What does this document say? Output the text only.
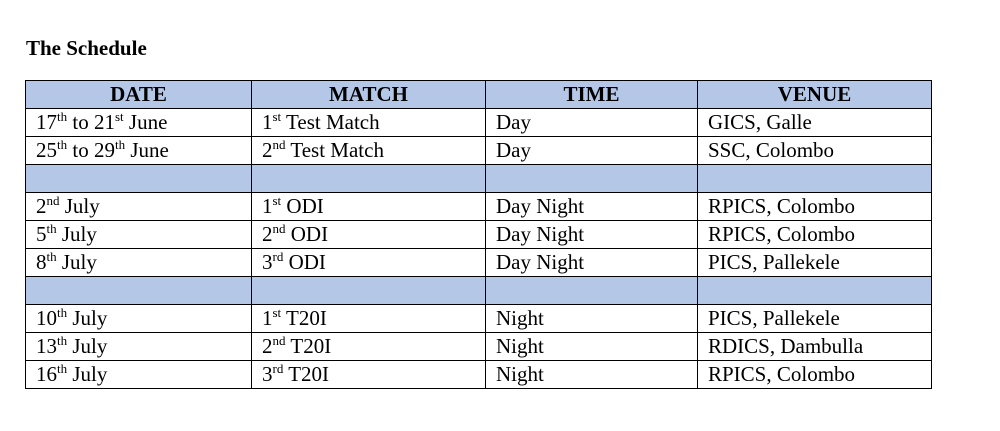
The Schedule
DATE	MATCH	TIME	VENUE
17th to 21st June	1st Test Match	Day	GICS, Galle
25th to 29th June	2nd Test Match	Day	SSC, Colombo

2nd July	1st ODI	Day Night	RPICS, Colombo
5th July	2nd ODI	Day Night	RPICS, Colombo
8th July	3rd ODI	Day Night	PICS, Pallekele

10th July	1st T20I	Night	PICS, Pallekele
13th July	2nd T20I	Night	RDICS, Dambulla
16th July	3rd T20I	Night	RPICS, Colombo
